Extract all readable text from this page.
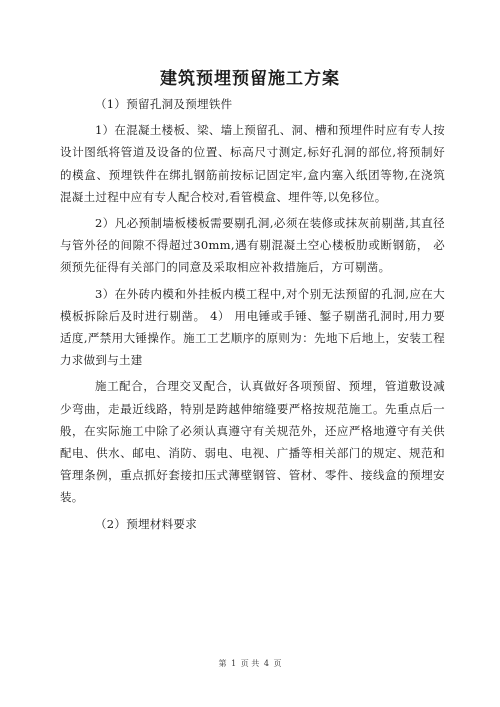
建筑预埋预留施工方案

（1）预留孔洞及预埋铁件

1）在混凝土楼板、梁、墙上预留孔、洞、槽和预埋件时应有专人按设计图纸将管道及设备的位置、标高尺寸测定,标好孔洞的部位,将预制好的模盒、预埋铁件在绑扎钢筋前按标记固定牢,盒内塞入纸团等物,在浇筑混凝土过程中应有专人配合校对,看管模盒、埋件等,以免移位。

2）凡必预制墙板楼板需要剔孔洞,必须在装修或抹灰前剔凿,其直径与管外径的间隙不得超过30mm,遇有剔混凝土空心楼板肋或断钢筋， 必须预先征得有关部门的同意及采取相应补救措施后，方可剔凿。

3）在外砖内模和外挂板内模工程中,对个别无法预留的孔洞,应在大模板拆除后及时进行剔凿。 4） 用电锤或手锤、錾子剔凿孔洞时,用力要适度,严禁用大锤操作。施工工艺顺序的原则为：先地下后地上，安装工程力求做到与土建

施工配合，合理交叉配合，认真做好各项预留、预埋，管道敷设减少弯曲，走最近线路，特别是跨越伸缩缝要严格按规范施工。先重点后一般，在实际施工中除了必须认真遵守有关规范外，还应严格地遵守有关供配电、供水、邮电、消防、弱电、电视、广播等相关部门的规定、规范和管理条例，重点抓好套接扣压式薄壁钢管、管材、零件、接线盒的预埋安装。

（2）预埋材料要求

第 1 页 共 4 页
